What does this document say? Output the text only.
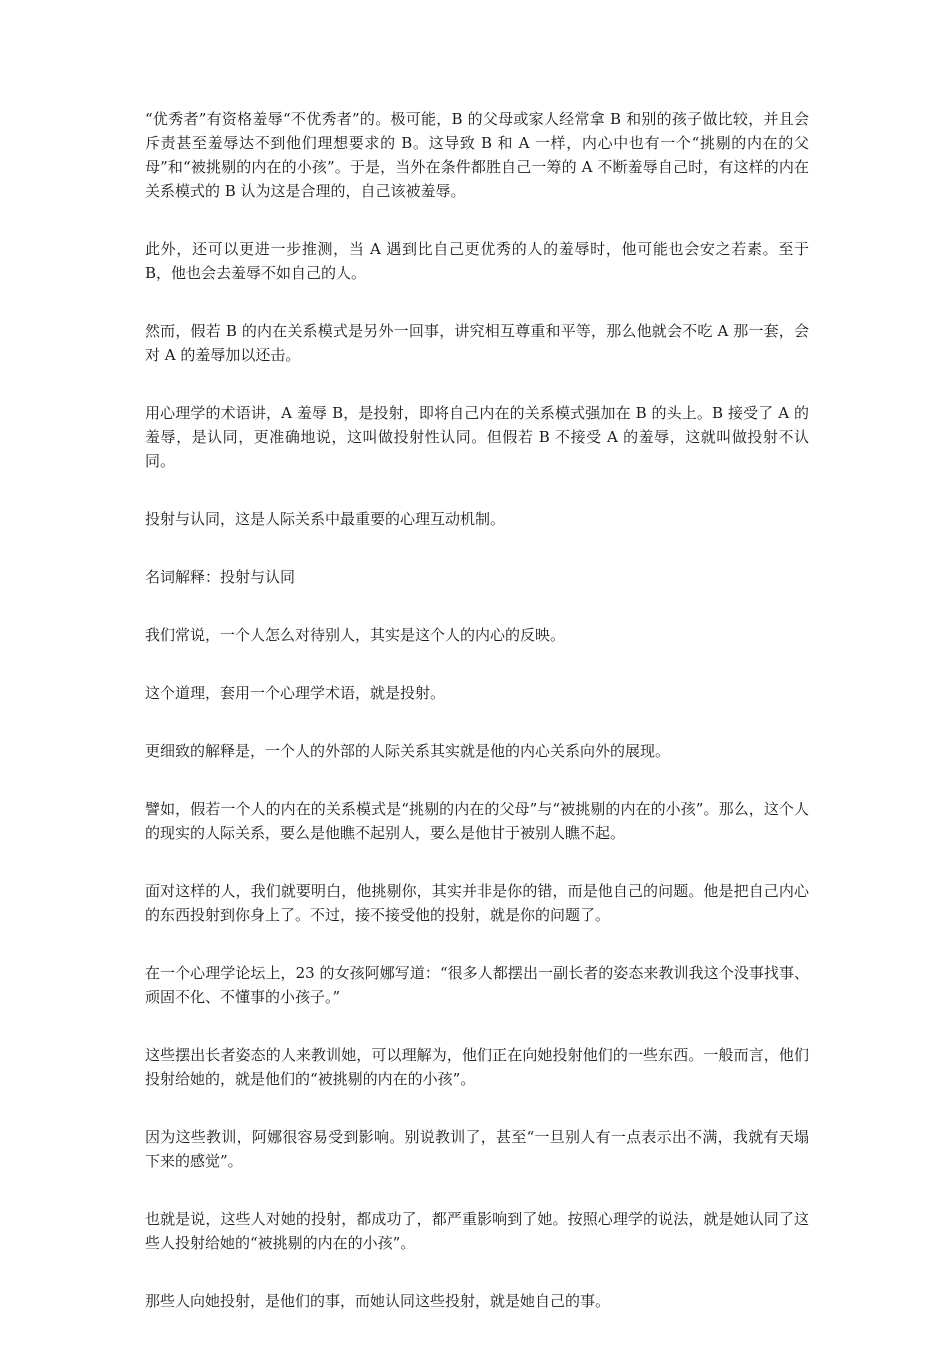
“优秀者”有资格羞辱“不优秀者”的。极可能，B 的父母或家人经常拿 B 和别的孩子做比较，并且会斥责甚至羞辱达不到他们理想要求的 B。这导致 B 和 A 一样，内心中也有一个“挑剔的内在的父母”和“被挑剔的内在的小孩”。于是，当外在条件都胜自己一筹的 A 不断羞辱自己时，有这样的内在关系模式的 B 认为这是合理的，自己该被羞辱。

此外，还可以更进一步推测，当 A 遇到比自己更优秀的人的羞辱时，他可能也会安之若素。至于 B，他也会去羞辱不如自己的人。

然而，假若 B 的内在关系模式是另外一回事，讲究相互尊重和平等，那么他就会不吃 A 那一套，会对 A 的羞辱加以还击。

用心理学的术语讲，A 羞辱 B，是投射，即将自己内在的关系模式强加在 B 的头上。B 接受了 A 的羞辱，是认同，更准确地说，这叫做投射性认同。但假若 B 不接受 A 的羞辱，这就叫做投射不认同。

投射与认同，这是人际关系中最重要的心理互动机制。

名词解释：投射与认同

我们常说，一个人怎么对待别人，其实是这个人的内心的反映。

这个道理，套用一个心理学术语，就是投射。

更细致的解释是，一个人的外部的人际关系其实就是他的内心关系向外的展现。

譬如，假若一个人的内在的关系模式是“挑剔的内在的父母”与“被挑剔的内在的小孩”。那么，这个人的现实的人际关系，要么是他瞧不起别人，要么是他甘于被别人瞧不起。

面对这样的人，我们就要明白，他挑剔你，其实并非是你的错，而是他自己的问题。他是把自己内心的东西投射到你身上了。不过，接不接受他的投射，就是你的问题了。

在一个心理学论坛上，23 的女孩阿娜写道：“很多人都摆出一副长者的姿态来教训我这个没事找事、顽固不化、不懂事的小孩子。”

这些摆出长者姿态的人来教训她，可以理解为，他们正在向她投射他们的一些东西。一般而言，他们投射给她的，就是他们的“被挑剔的内在的小孩”。

因为这些教训，阿娜很容易受到影响。别说教训了，甚至“一旦别人有一点表示出不满，我就有天塌下来的感觉”。

也就是说，这些人对她的投射，都成功了，都严重影响到了她。按照心理学的说法，就是她认同了这些人投射给她的“被挑剔的内在的小孩”。

那些人向她投射，是他们的事，而她认同这些投射，就是她自己的事。
